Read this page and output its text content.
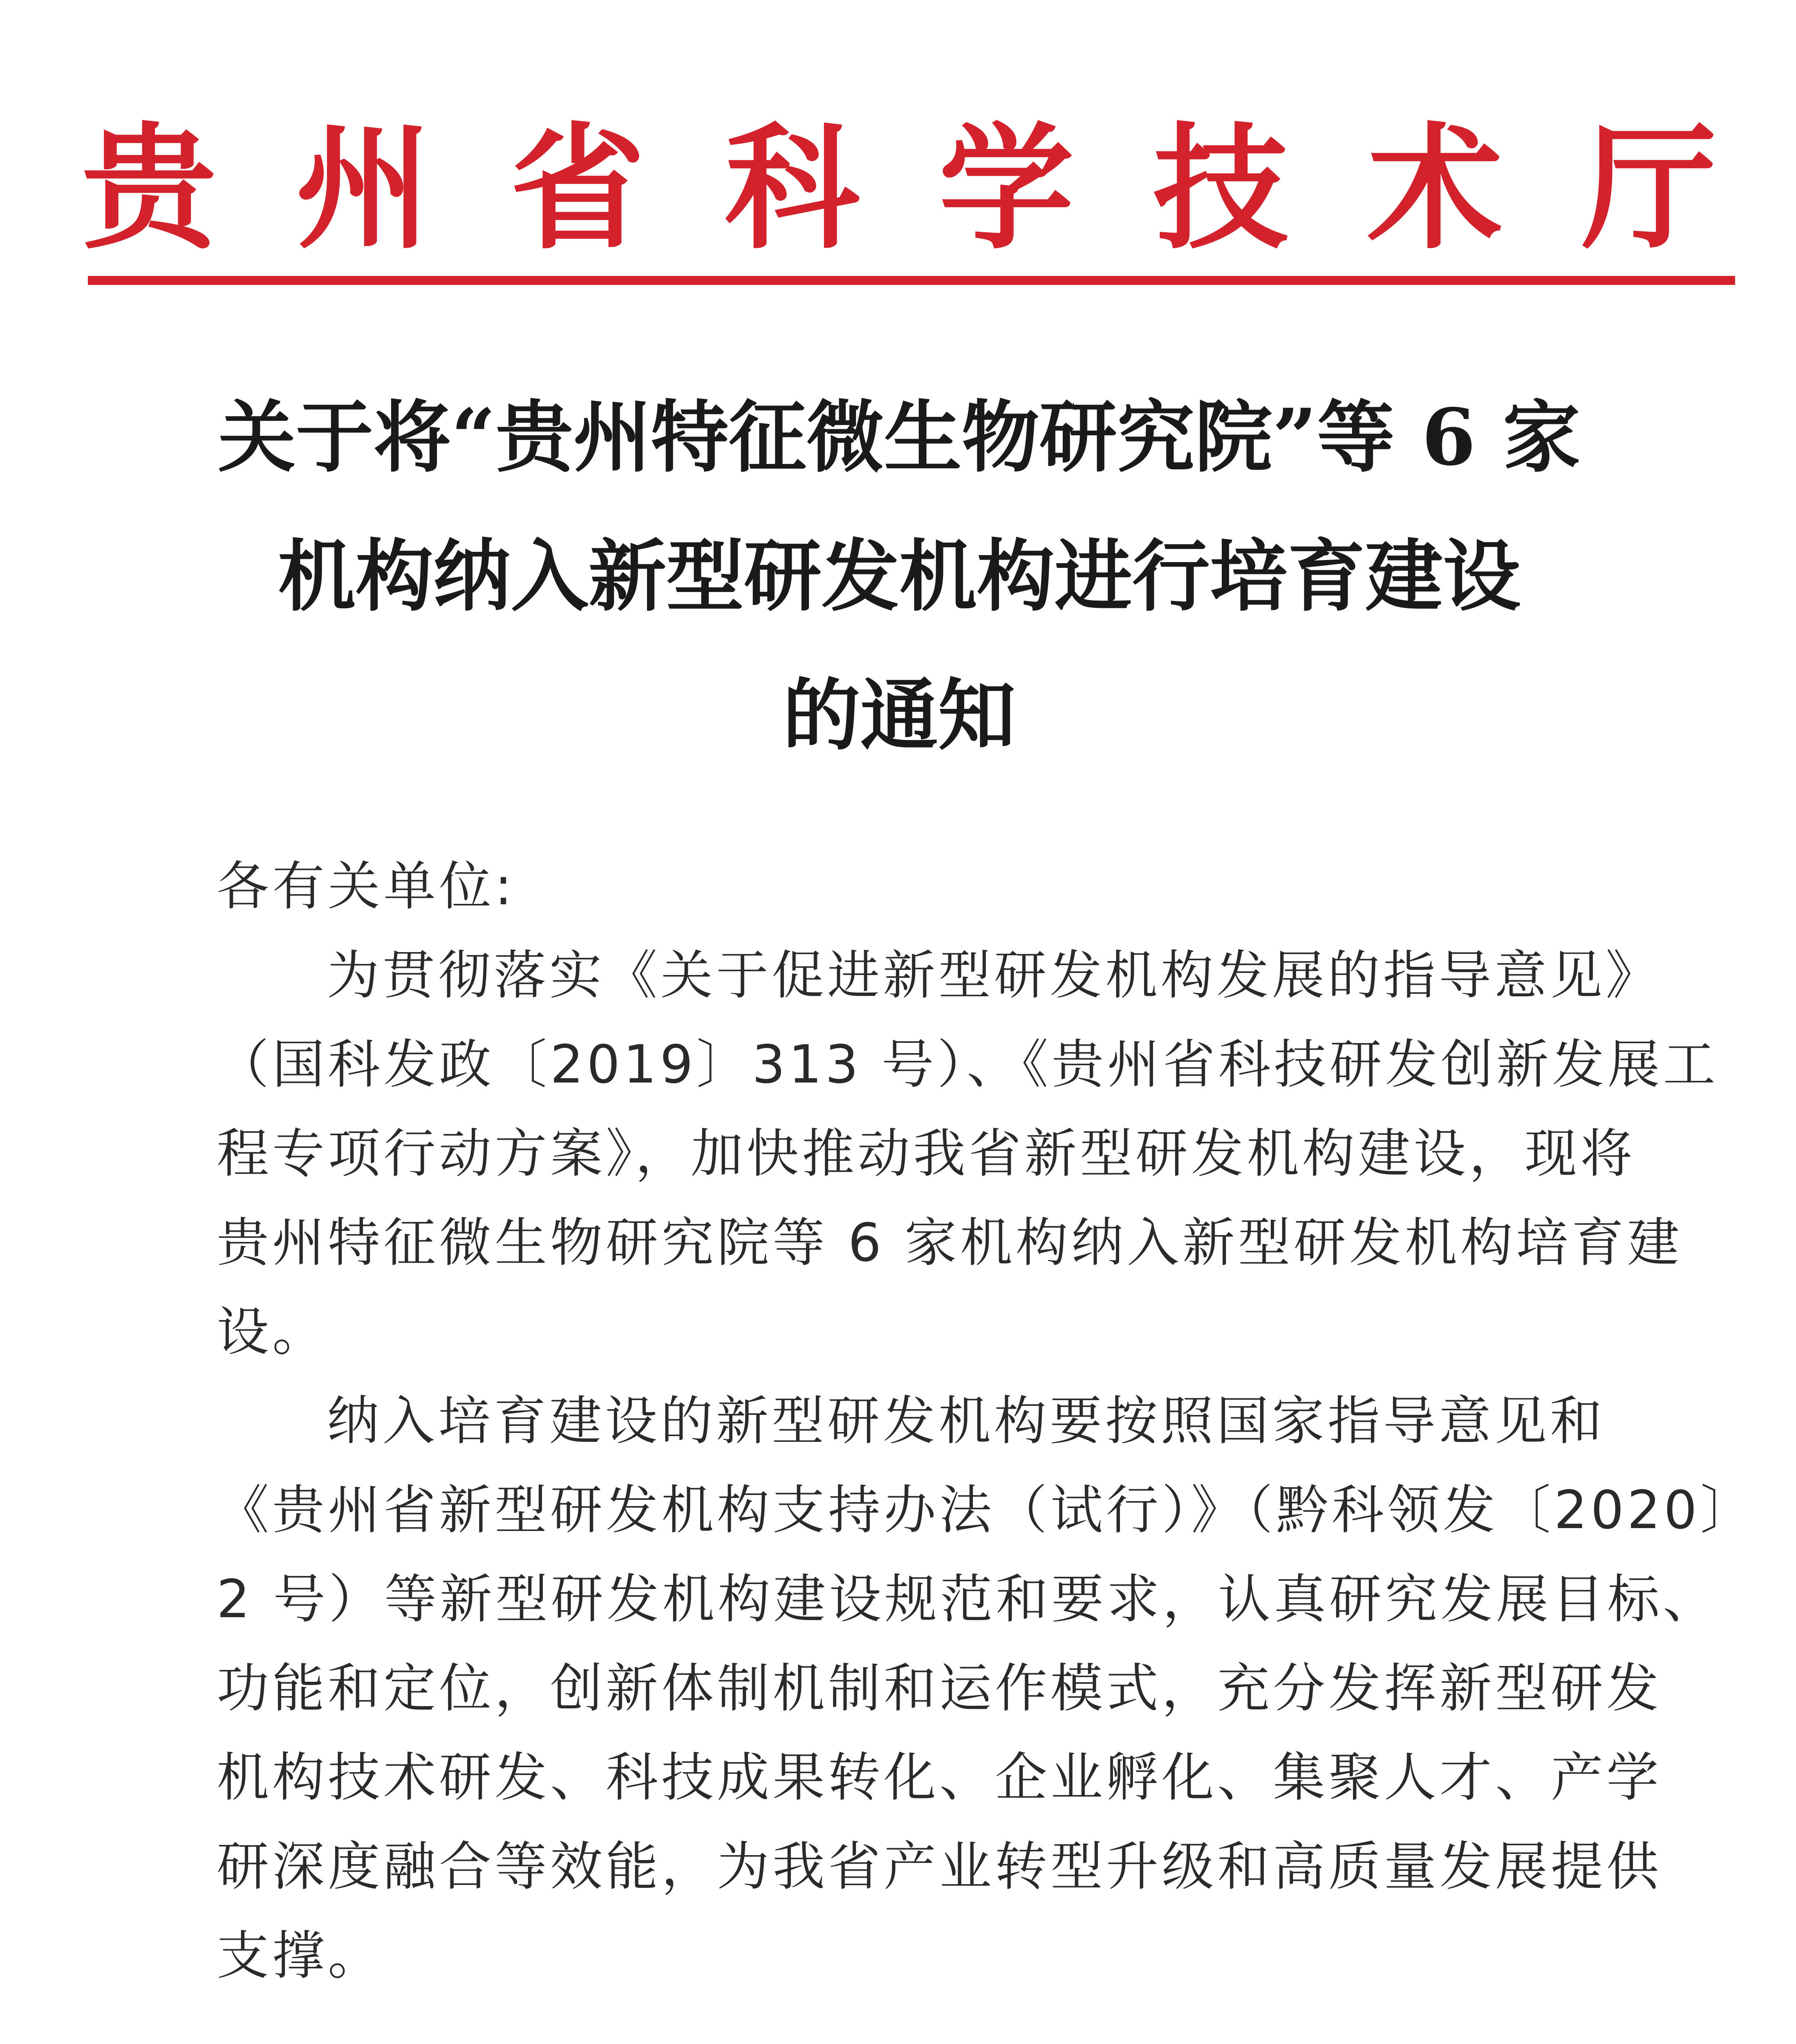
贵 州 省 科 学 技 术 厅
关于将“贵州特征微生物研究院”等 6 家
机构纳入新型研发机构进行培育建设
的通知
各有关单位:
为贯彻落实《关于促进新型研发机构发展的指导意见》
（国科发政〔2019〕313 号）、《贵州省科技研发创新发展工
程专项行动方案》，加快推动我省新型研发机构建设，现将
贵州特征微生物研究院等 6 家机构纳入新型研发机构培育建
设。
纳入培育建设的新型研发机构要按照国家指导意见和
《贵州省新型研发机构支持办法（试行）》（黔科领发〔2020〕
2 号）等新型研发机构建设规范和要求，认真研究发展目标、
功能和定位，创新体制机制和运作模式，充分发挥新型研发
机构技术研发、科技成果转化、企业孵化、集聚人才、产学
研深度融合等效能，为我省产业转型升级和高质量发展提供
支撑。
